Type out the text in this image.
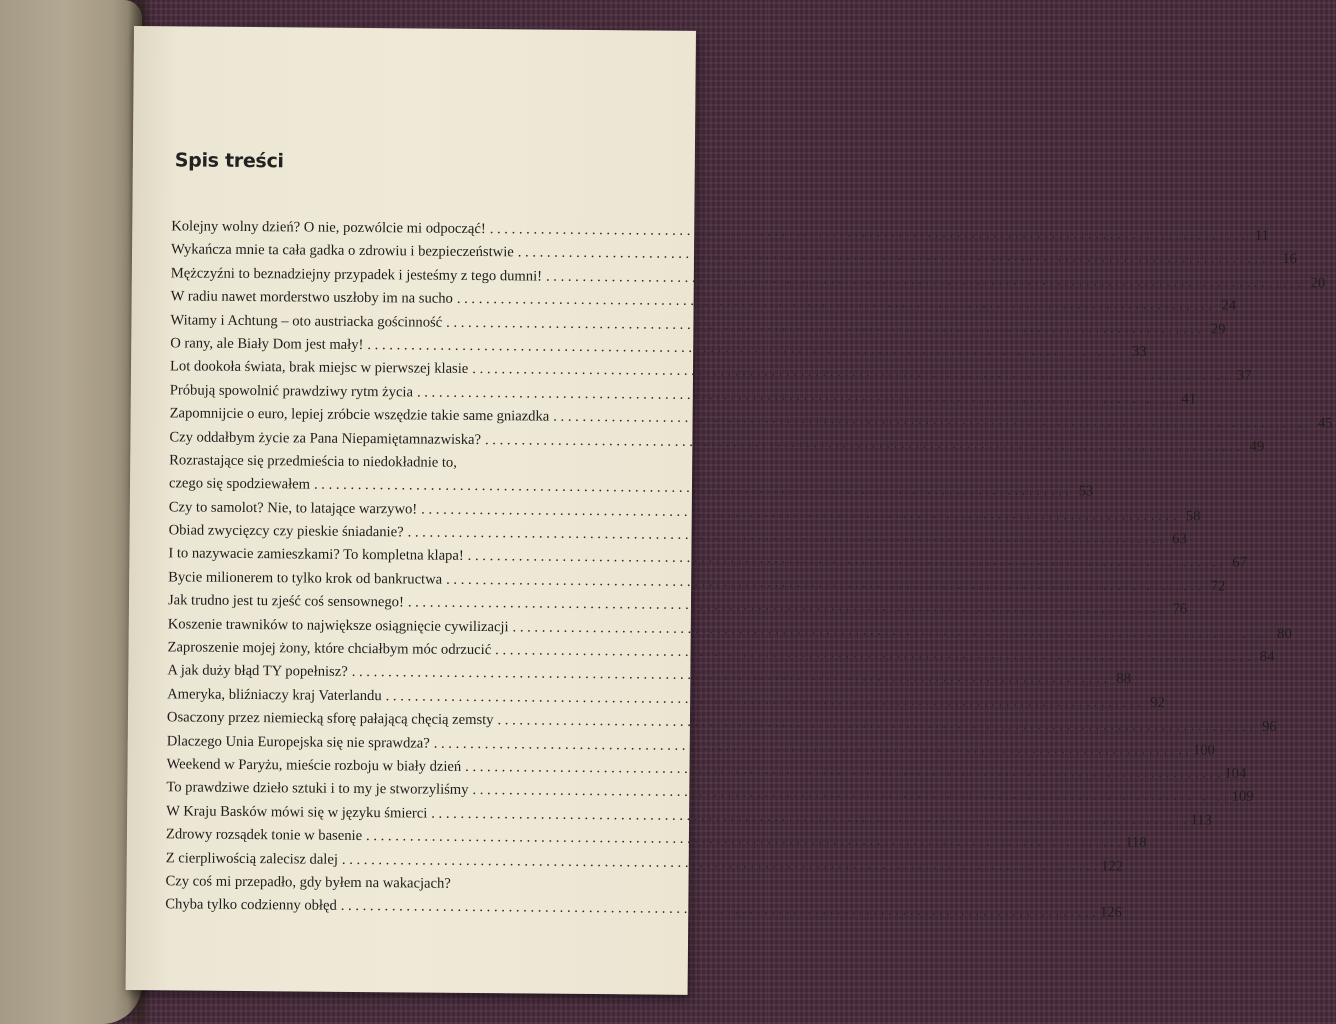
Spis treści
Kolejny wolny dzień? O nie, pozwólcie mi odpocząć! . . .	11
Wykańcza mnie ta cała gadka o zdrowiu i bezpieczeństwie . . .	16
Mężczyźni to beznadziejny przypadek i jesteśmy z tego dumni! . . .	20
W radiu nawet morderstwo uszłoby im na sucho . . .	24
Witamy i Achtung – oto austriacka gościnność . . .	29
O rany, ale Biały Dom jest mały! . . .	33
Lot dookoła świata, brak miejsc w pierwszej klasie . . .	37
Próbują spowolnić prawdziwy rytm życia . . .	41
Zapomnijcie o euro, lepiej zróbcie wszędzie takie same gniazdka . . .	45
Czy oddałbym życie za Pana Niepamiętamnazwiska? . . .	49
Rozrastające się przedmieścia to niedokładnie to,
czego się spodziewałem . . .	53
Czy to samolot? Nie, to latające warzywo! . . .	58
Obiad zwycięzcy czy pieskie śniadanie? . . .	63
I to nazywacie zamieszkami? To kompletna klapa! . . .	67
Bycie milionerem to tylko krok od bankructwa . . .	72
Jak trudno jest tu zjeść coś sensownego! . . .	76
Koszenie trawników to największe osiągnięcie cywilizacji . . .	80
Zaproszenie mojej żony, które chciałbym móc odrzucić . . .	84
A jak duży błąd TY popełnisz? . . .	88
Ameryka, bliźniaczy kraj Vaterlandu . . .	92
Osaczony przez niemiecką sforę pałającą chęcią zemsty . . .	96
Dlaczego Unia Europejska się nie sprawdza? . . .	100
Weekend w Paryżu, mieście rozboju w biały dzień . . .	104
To prawdziwe dzieło sztuki i to my je stworzyliśmy . . .	109
W Kraju Basków mówi się w języku śmierci . . .	113
Zdrowy rozsądek tonie w basenie . . .	118
Z cierpliwością zalecisz dalej . . .	122
Czy coś mi przepadło, gdy byłem na wakacjach?
Chyba tylko codzienny obłęd . . .	126
